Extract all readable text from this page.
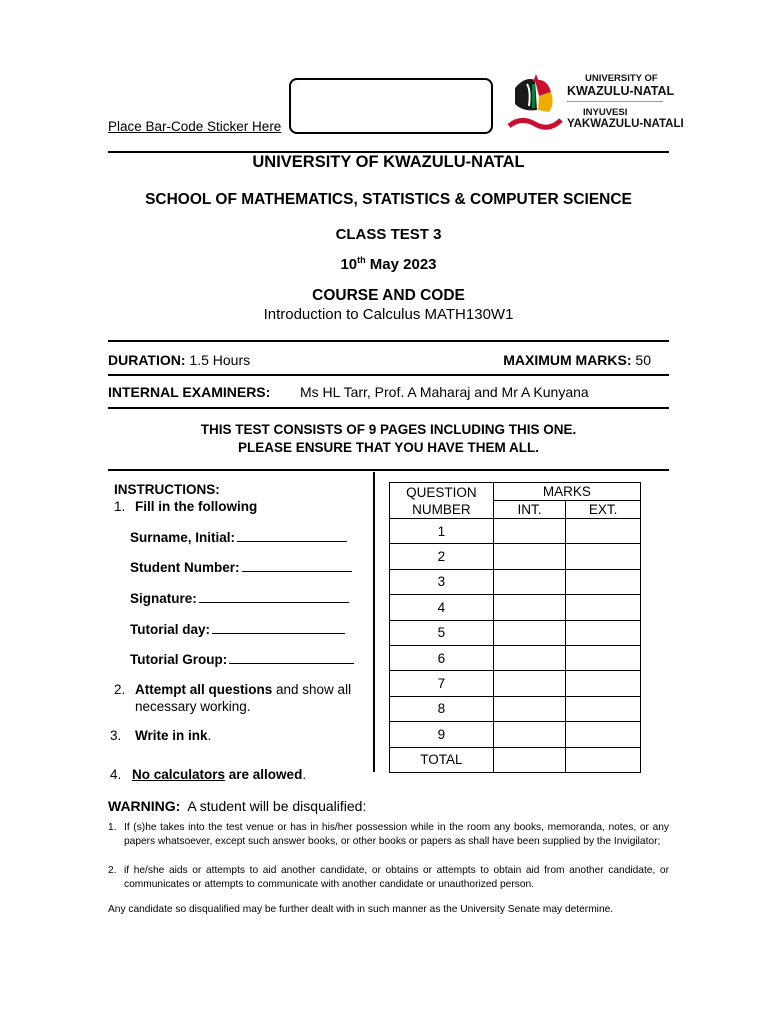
Place Bar-Code Sticker Here
UNIVERSITY OF
KWAZULU-NATAL
INYUVESI
YAKWAZULU-NATALI
UNIVERSITY OF KWAZULU-NATAL
SCHOOL OF MATHEMATICS, STATISTICS & COMPUTER SCIENCE
CLASS TEST 3
10th May 2023
COURSE AND CODE
Introduction to Calculus MATH130W1
DURATION: 1.5 Hours	MAXIMUM MARKS: 50
INTERNAL EXAMINERS: Ms HL Tarr, Prof. A Maharaj and Mr A Kunyana
THIS TEST CONSISTS OF 9 PAGES INCLUDING THIS ONE.
PLEASE ENSURE THAT YOU HAVE THEM ALL.
INSTRUCTIONS:
1. Fill in the following
Surname, Initial:
Student Number:
Signature:
Tutorial day:
Tutorial Group:
2. Attempt all questions and show all
necessary working.
3. Write in ink.
4. No calculators are allowed.
QUESTION
NUMBER	MARKS	
	INT.	EXT.
1		
2		
3		
4		
5		
6		
7		
8		
9		
TOTAL		
WARNING:  A student will be disqualified:
1. If (s)he takes into the test venue or has in his/her possession while in the room any books, memoranda, notes, or any papers whatsoever, except such answer books, or other books or papers as shall have been supplied by the Invigilator;
2. if he/she aids or attempts to aid another candidate, or obtains or attempts to obtain aid from another candidate, or communicates or attempts to communicate with another candidate or unauthorized person.
Any candidate so disqualified may be further dealt with in such manner as the University Senate may determine.
